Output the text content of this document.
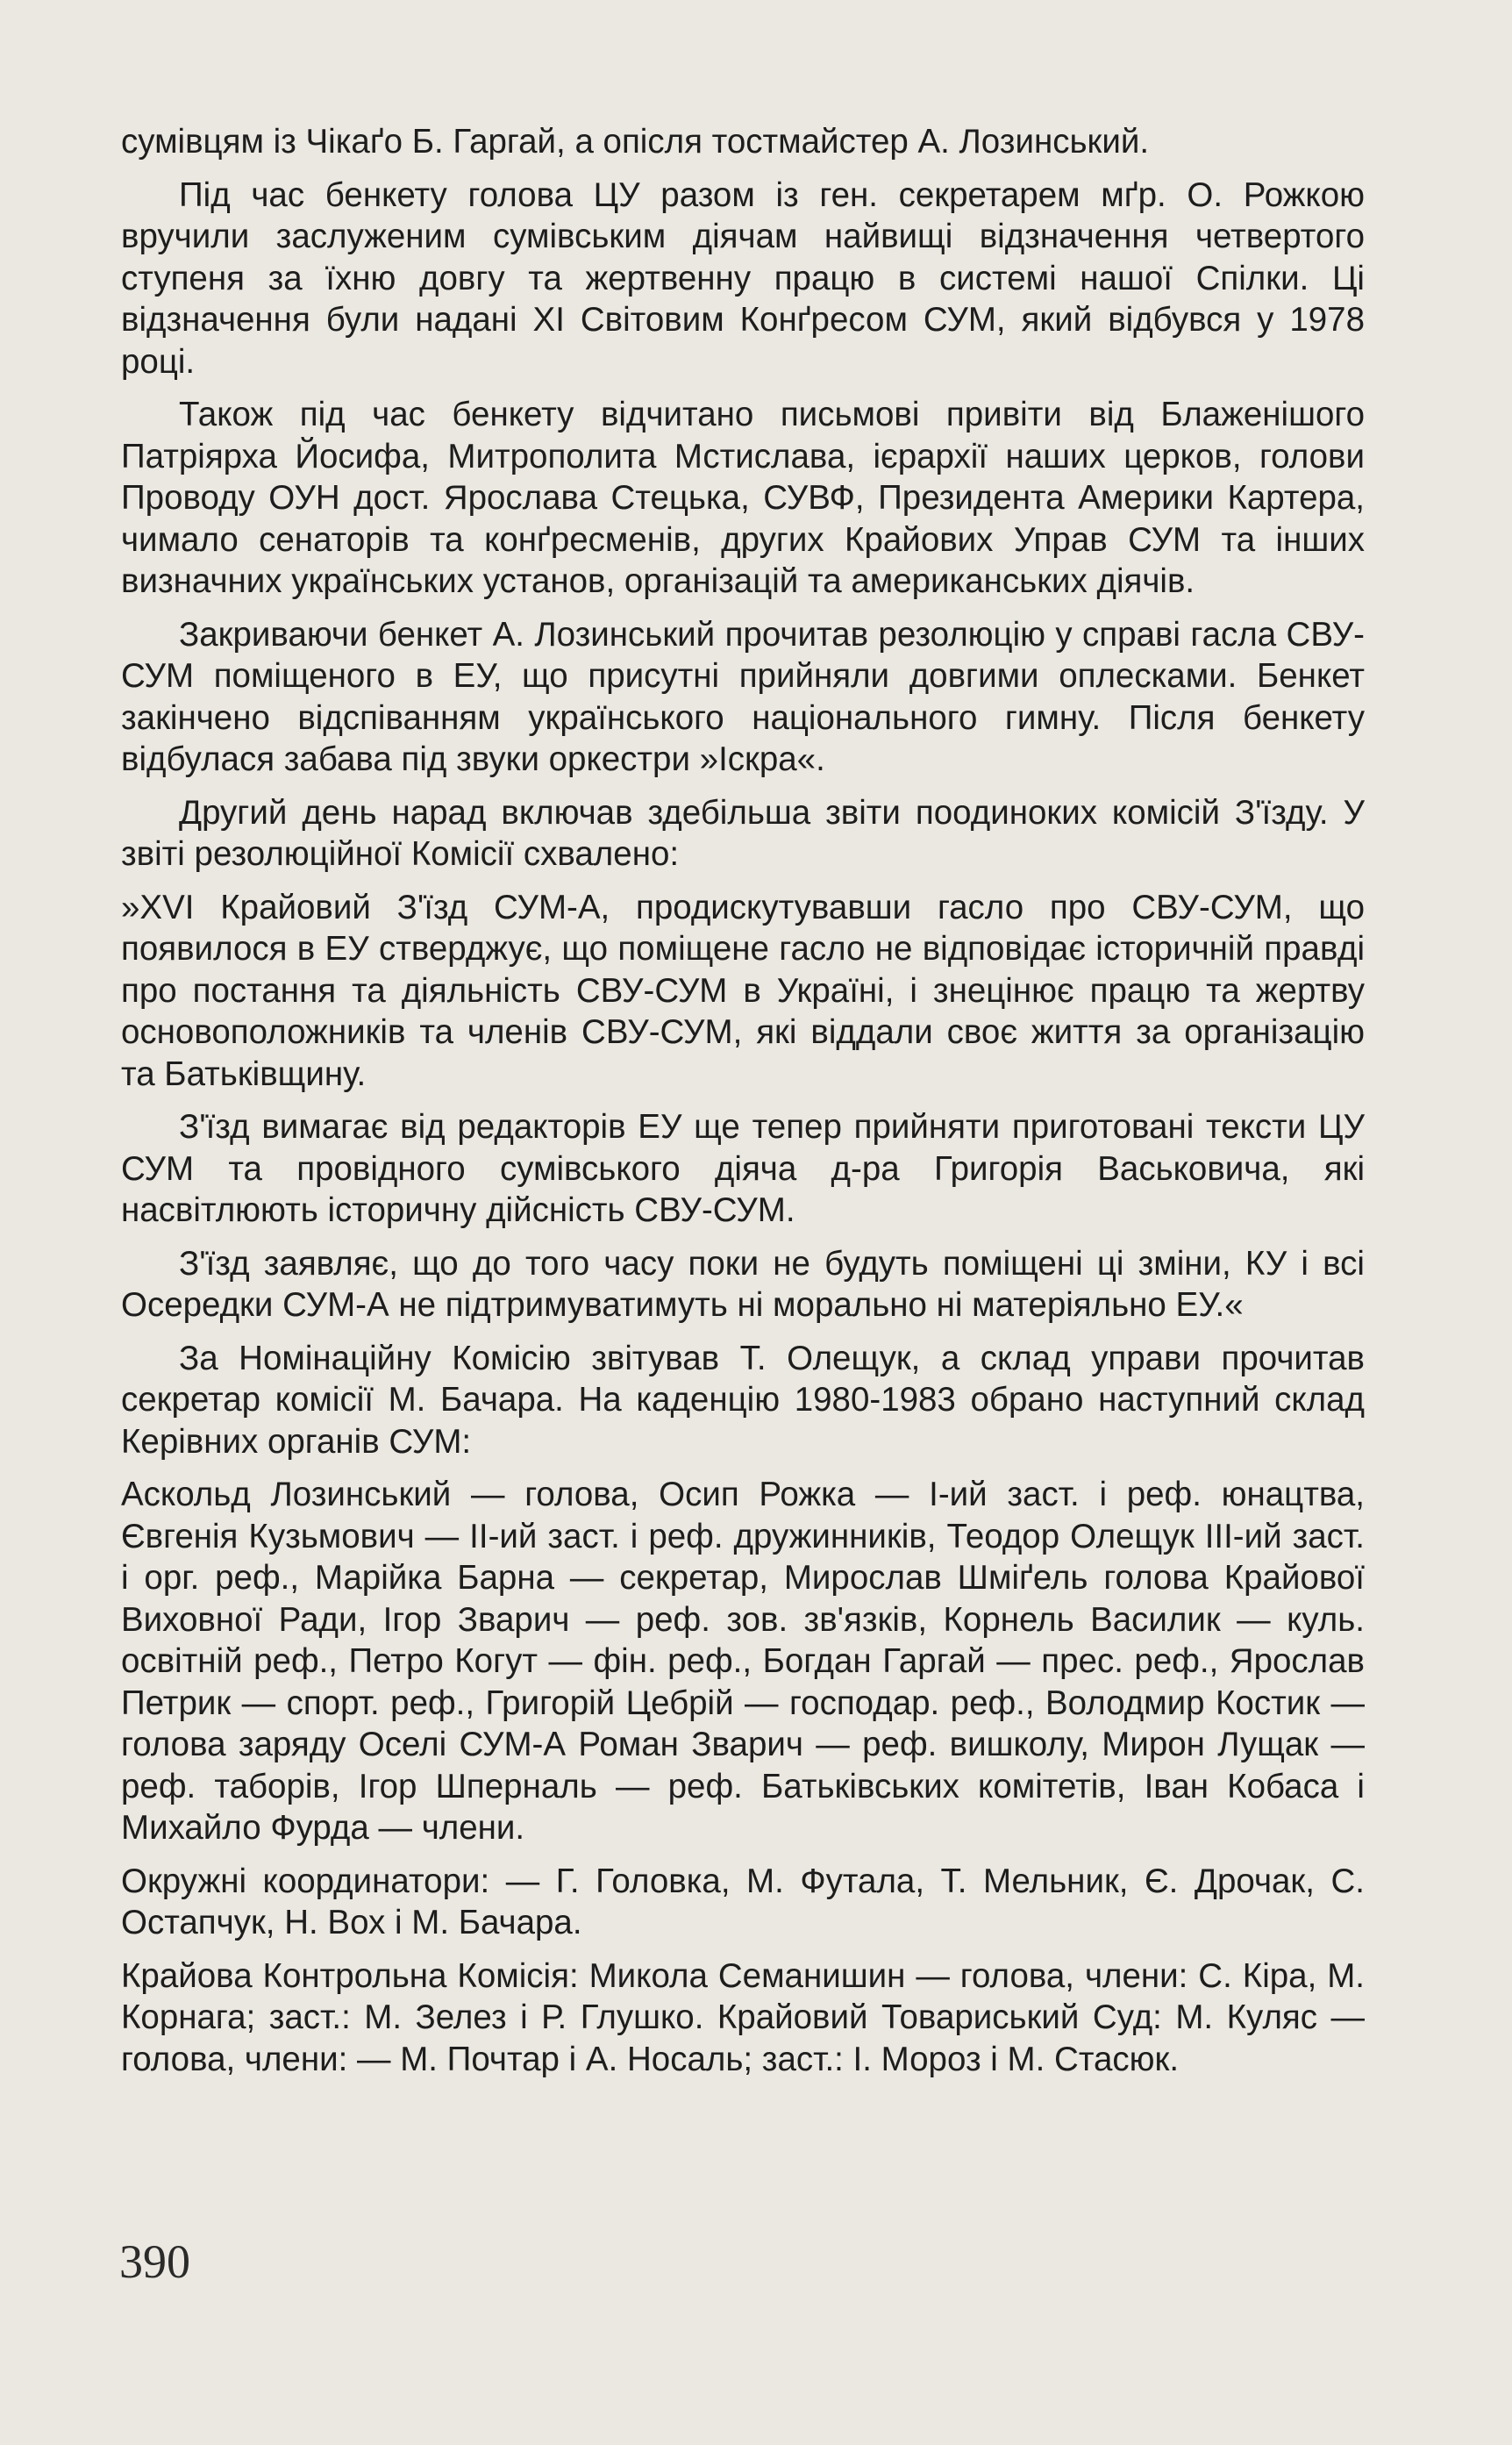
сумівцям із Чікаґо Б. Гаргай, а опісля тостмайстер А. Лозинський.

Під час бенкету голова ЦУ разом із ген. секретарем мґр. О. Рожкою вручили заслуженим сумівським діячам найвищі відзначення четвертого ступеня за їхню довгу та жертвенну працю в системі нашої Спілки. Ці відзначення були надані XI Світовим Конґресом СУМ, який відбувся у 1978 році.

Також під час бенкету відчитано письмові привіти від Блаженішого Патріярха Йосифа, Митрополита Мстислава, ієрархії наших церков, голови Проводу ОУН дост. Ярослава Стецька, СУВФ, Президента Америки Картера, чимало сенаторів та конґресменів, других Крайових Управ СУМ та інших визначних українських установ, організацій та американських діячів.

Закриваючи бенкет А. Лозинський прочитав резолюцію у справі гасла СВУ-СУМ поміщеного в ЕУ, що присутні прийняли довгими оплесками. Бенкет закінчено відспіванням українського національного гимну. Після бенкету відбулася забава під звуки оркестри »Іскра«.

Другий день нарад включав здебільша звіти поодиноких комісій З'їзду. У звіті резолюційної Комісії схвалено:

»XVI Крайовий З'їзд СУМ-А, продискутувавши гасло про СВУ-СУМ, що появилося в ЕУ стверджує, що поміщене гасло не відповідає історичній правді про постання та діяльність СВУ-СУМ в Україні, і знецінює працю та жертву основоположників та членів СВУ-СУМ, які віддали своє життя за організацію та Батьківщину.

З'їзд вимагає від редакторів ЕУ ще тепер прийняти приготовані тексти ЦУ СУМ та провідного сумівського діяча д-ра Григорія Васьковича, які насвітлюють історичну дійсність СВУ-СУМ.

З'їзд заявляє, що до того часу поки не будуть поміщені ці зміни, КУ і всі Осередки СУМ-А не підтримуватимуть ні морально ні матеріяльно ЕУ.«

За Номінаційну Комісію звітував Т. Олещук, а склад управи прочитав секретар комісії М. Бачара. На каденцію 1980-1983 обрано наступний склад Керівних органів СУМ:

Аскольд Лозинський — голова, Осип Рожка — I-ий заст. і реф. юнацтва, Євгенія Кузьмович — II-ий заст. і реф. дружинників, Теодор Олещук III-ий заст. і орг. реф., Марійка Барна — секретар, Мирослав Шміґель голова Крайової Виховної Ради, Ігор Зварич — реф. зов. зв'язків, Корнель Василик — куль. освітній реф., Петро Когут — фін. реф., Богдан Гаргай — прес. реф., Ярослав Петрик — спорт. реф., Григорій Цебрій — господар. реф., Володмир Костик — голова заряду Оселі СУМ-А Роман Зварич — реф. вишколу, Мирон Лущак — реф. таборів, Ігор Шперналь — реф. Батьківських комітетів, Іван Кобаса і Михайло Фурда — члени.

Окружні координатори: — Г. Головка, М. Футала, Т. Мельник, Є. Дрочак, С. Остапчук, Н. Вох і М. Бачара.

Крайова Контрольна Комісія: Микола Семанишин — голова, члени: С. Кіра, М. Корнага; заст.: М. Зелез і Р. Глушко. Крайовий Товариський Суд: М. Куляс — голова, члени: — М. Почтар і А. Носаль; заст.: І. Мороз і М. Стасюк.

390
